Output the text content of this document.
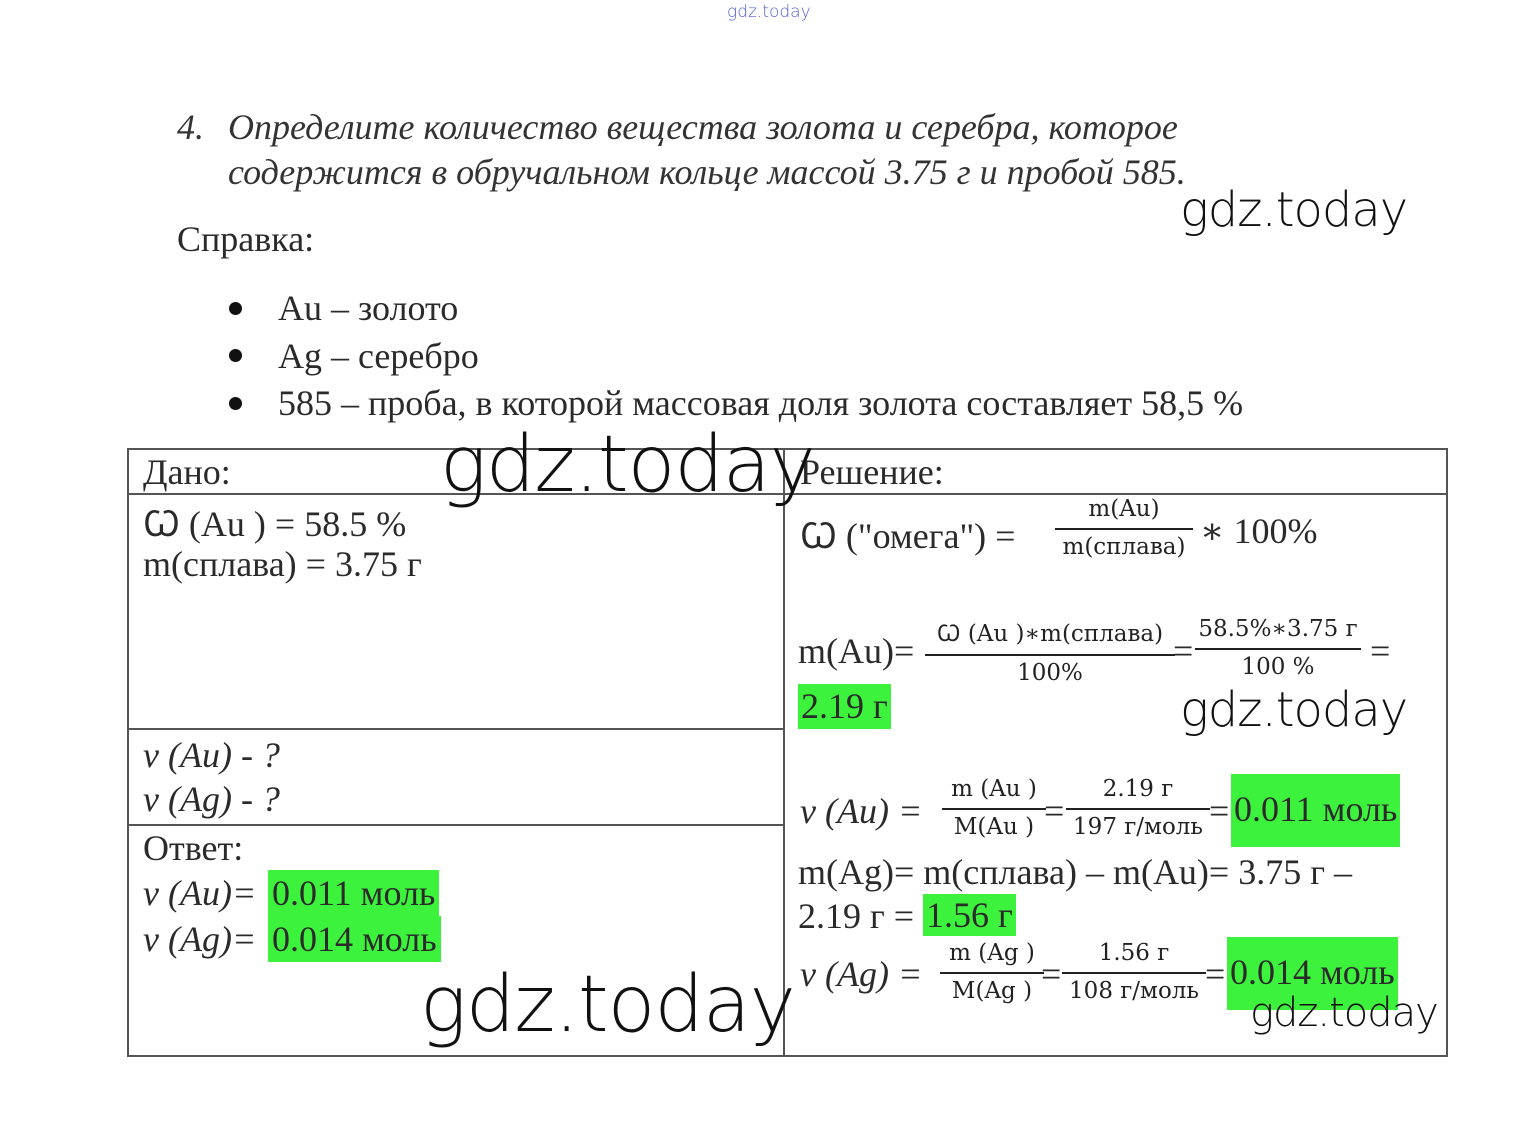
gdz.today
4. Определите количество вещества золота и серебра, которое
содержится в обручальном кольце массой 3.75 г и пробой 585.
gdz.today
Справка:
Au – золото
Ag – серебро
585 – проба, в которой массовая доля золота составляет 58,5 %
Дано:	Решение:
Ꞷ (Au ) = 58.5 %
m(сплава) = 3.75 г
ν (Au) - ?
ν (Ag) - ?
Ответ:
ν (Au)= 0.011 моль
ν (Ag)= 0.014 моль
Ꞷ ("омега") =
m(Au)
m(сплава) ∗ 100%
m(Au)= Ꞷ (Au )∗m(сплава)
100%
=
58.5%∗3.75 г
100 % =
2.19 г	gdz.today
ν (Au) =
m (Au )
M(Au ) =
2.19 г
197 г/моль = 0.011 моль
m(Ag)= m(сплава) – m(Au)= 3.75 г –
2.19 г = 1.56 г
ν (Ag) =
m (Ag )
M(Ag ) =
1.56 г
108 г/моль = 0.014 моль
gdz.today
gdz.today	gdz.today
